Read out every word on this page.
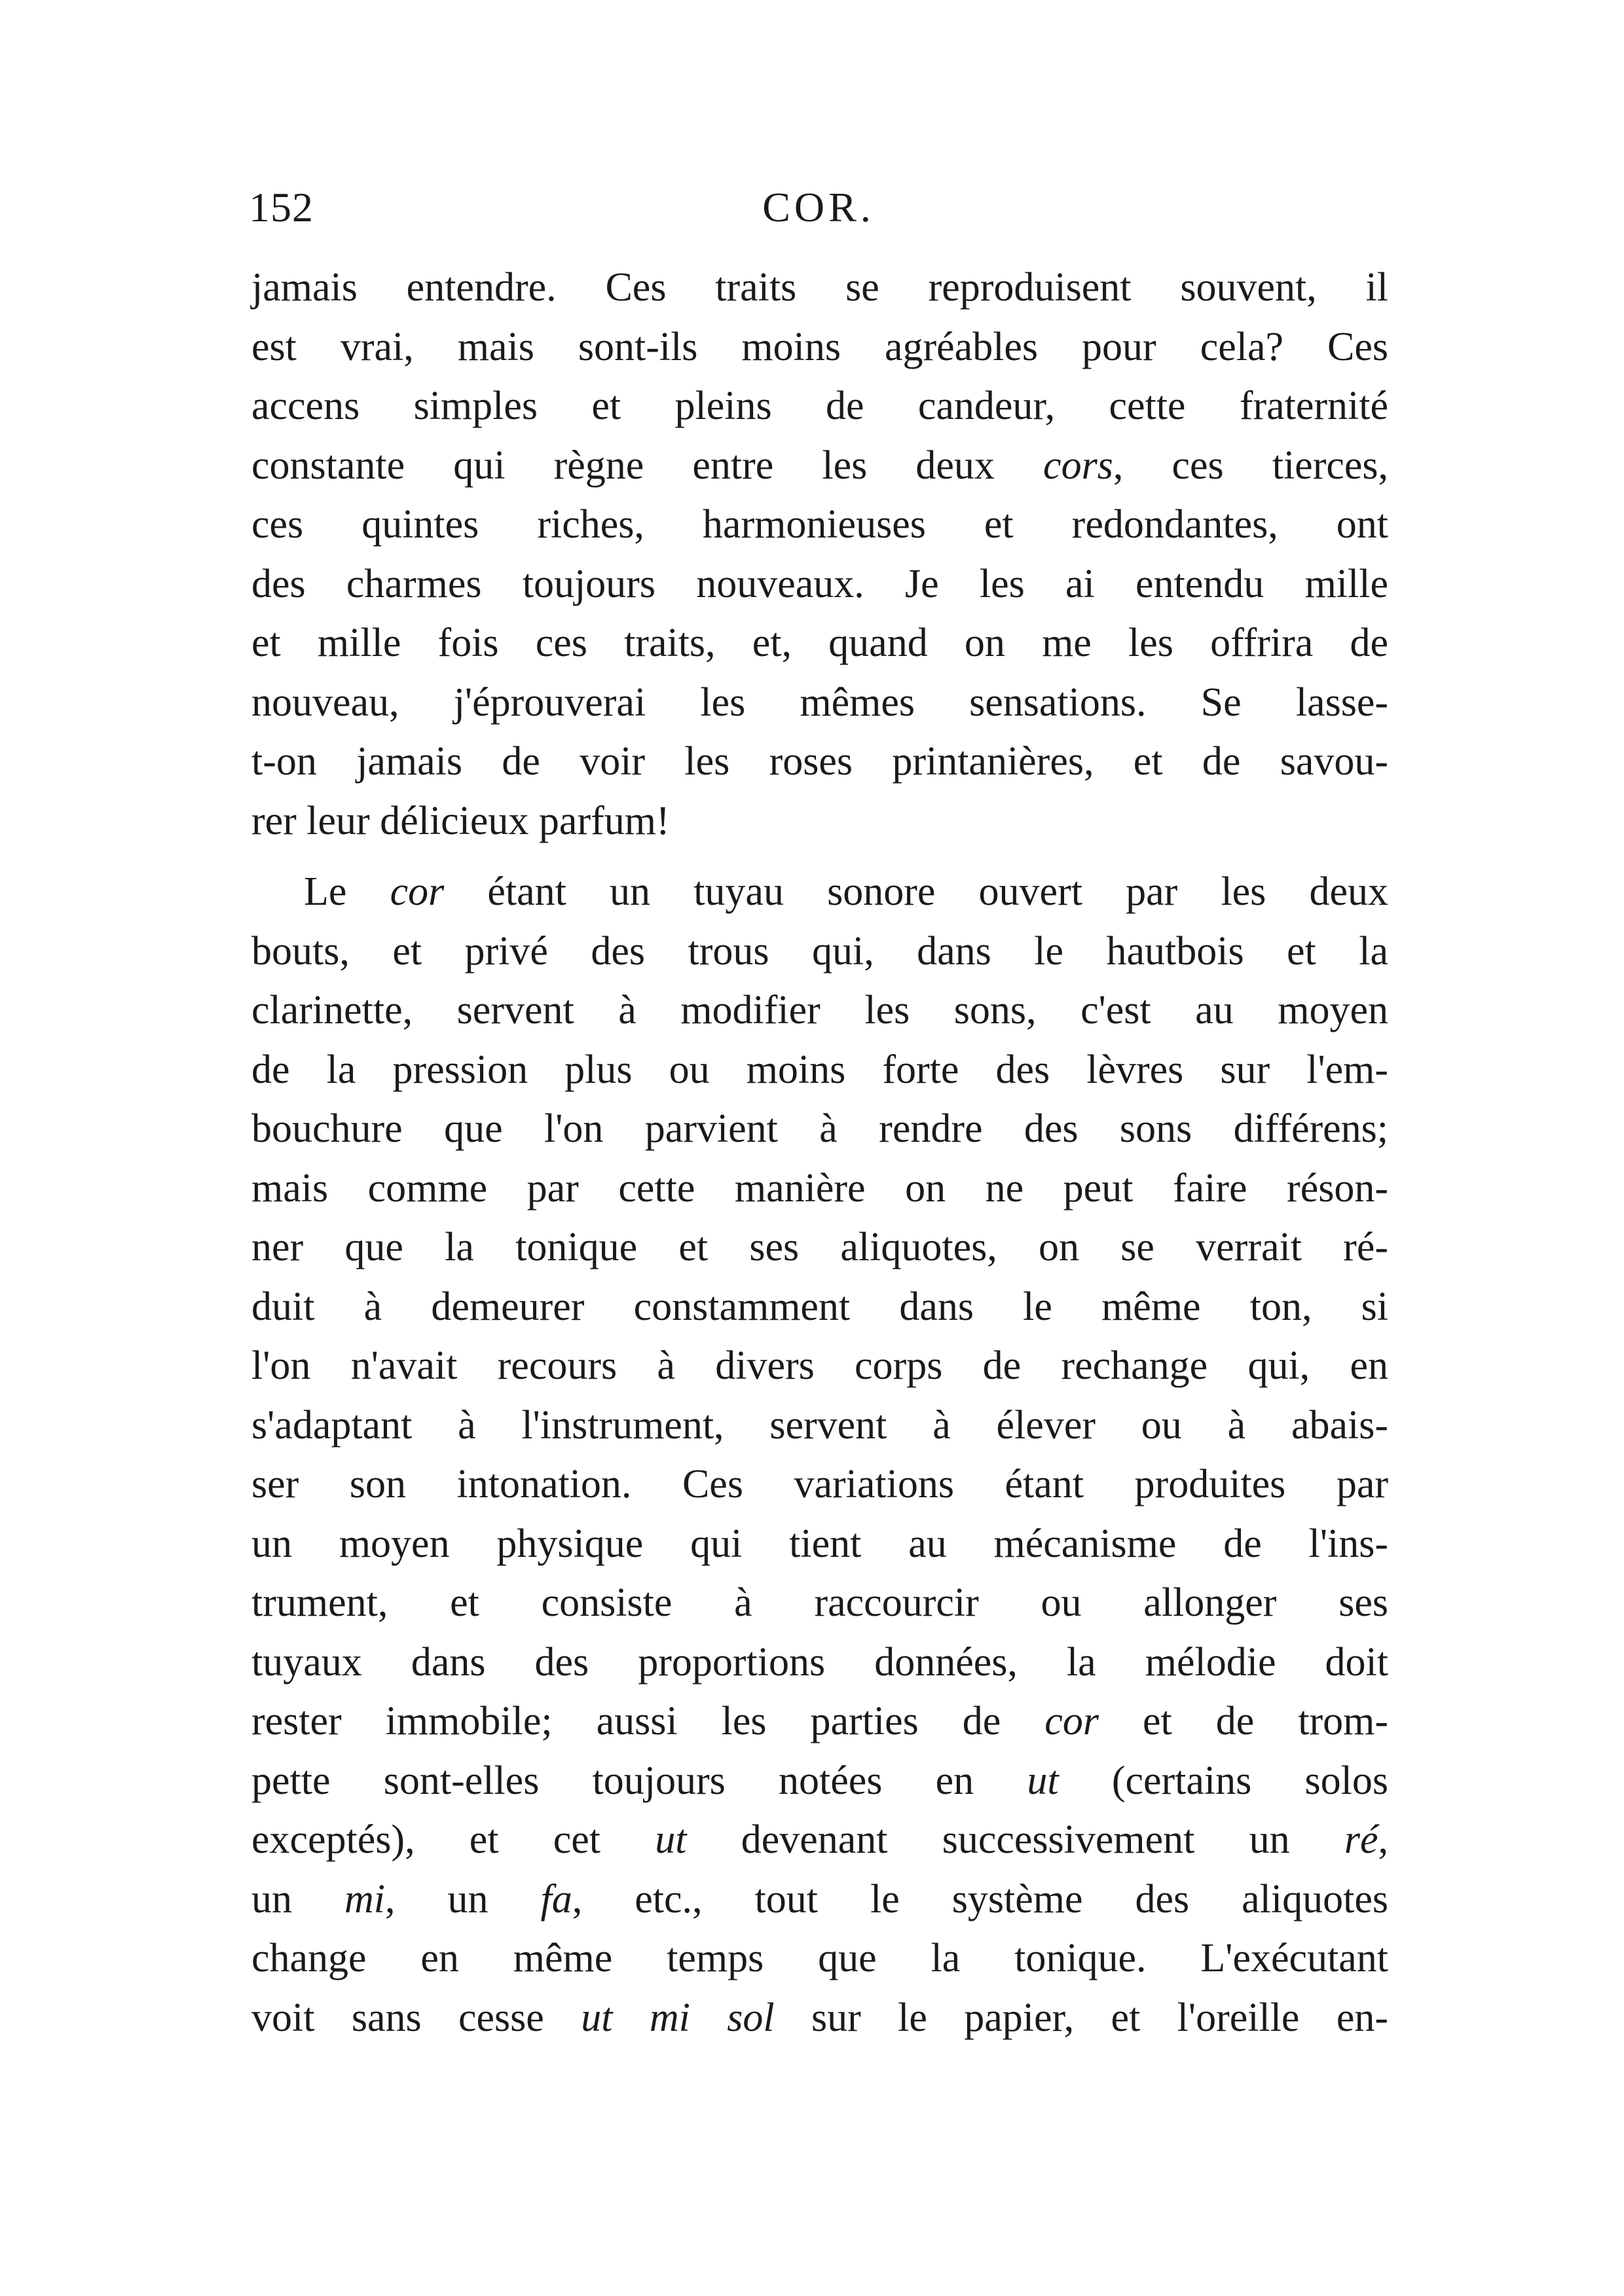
152	COR.
jamais entendre. Ces traits se reproduisent souvent, il
est vrai, mais sont-ils moins agréables pour cela? Ces
accens simples et pleins de candeur, cette fraternité
constante qui règne entre les deux cors, ces tierces,
ces quintes riches, harmonieuses et redondantes, ont
des charmes toujours nouveaux. Je les ai entendu mille
et mille fois ces traits, et, quand on me les offrira de
nouveau, j'éprouverai les mêmes sensations. Se lasse-
t-on jamais de voir les roses printanières, et de savou-
rer leur délicieux parfum!
Le cor étant un tuyau sonore ouvert par les deux
bouts, et privé des trous qui, dans le hautbois et la
clarinette, servent à modifier les sons, c'est au moyen
de la pression plus ou moins forte des lèvres sur l'em-
bouchure que l'on parvient à rendre des sons différens;
mais comme par cette manière on ne peut faire réson-
ner que la tonique et ses aliquotes, on se verrait ré-
duit à demeurer constamment dans le même ton, si
l'on n'avait recours à divers corps de rechange qui, en
s'adaptant à l'instrument, servent à élever ou à abais-
ser son intonation. Ces variations étant produites par
un moyen physique qui tient au mécanisme de l'ins-
trument, et consiste à raccourcir ou allonger ses
tuyaux dans des proportions données, la mélodie doit
rester immobile; aussi les parties de cor et de trom-
pette sont-elles toujours notées en ut (certains solos
exceptés), et cet ut devenant successivement un ré,
un mi, un fa, etc., tout le système des aliquotes
change en même temps que la tonique. L'exécutant
voit sans cesse ut mi sol sur le papier, et l'oreille en-
